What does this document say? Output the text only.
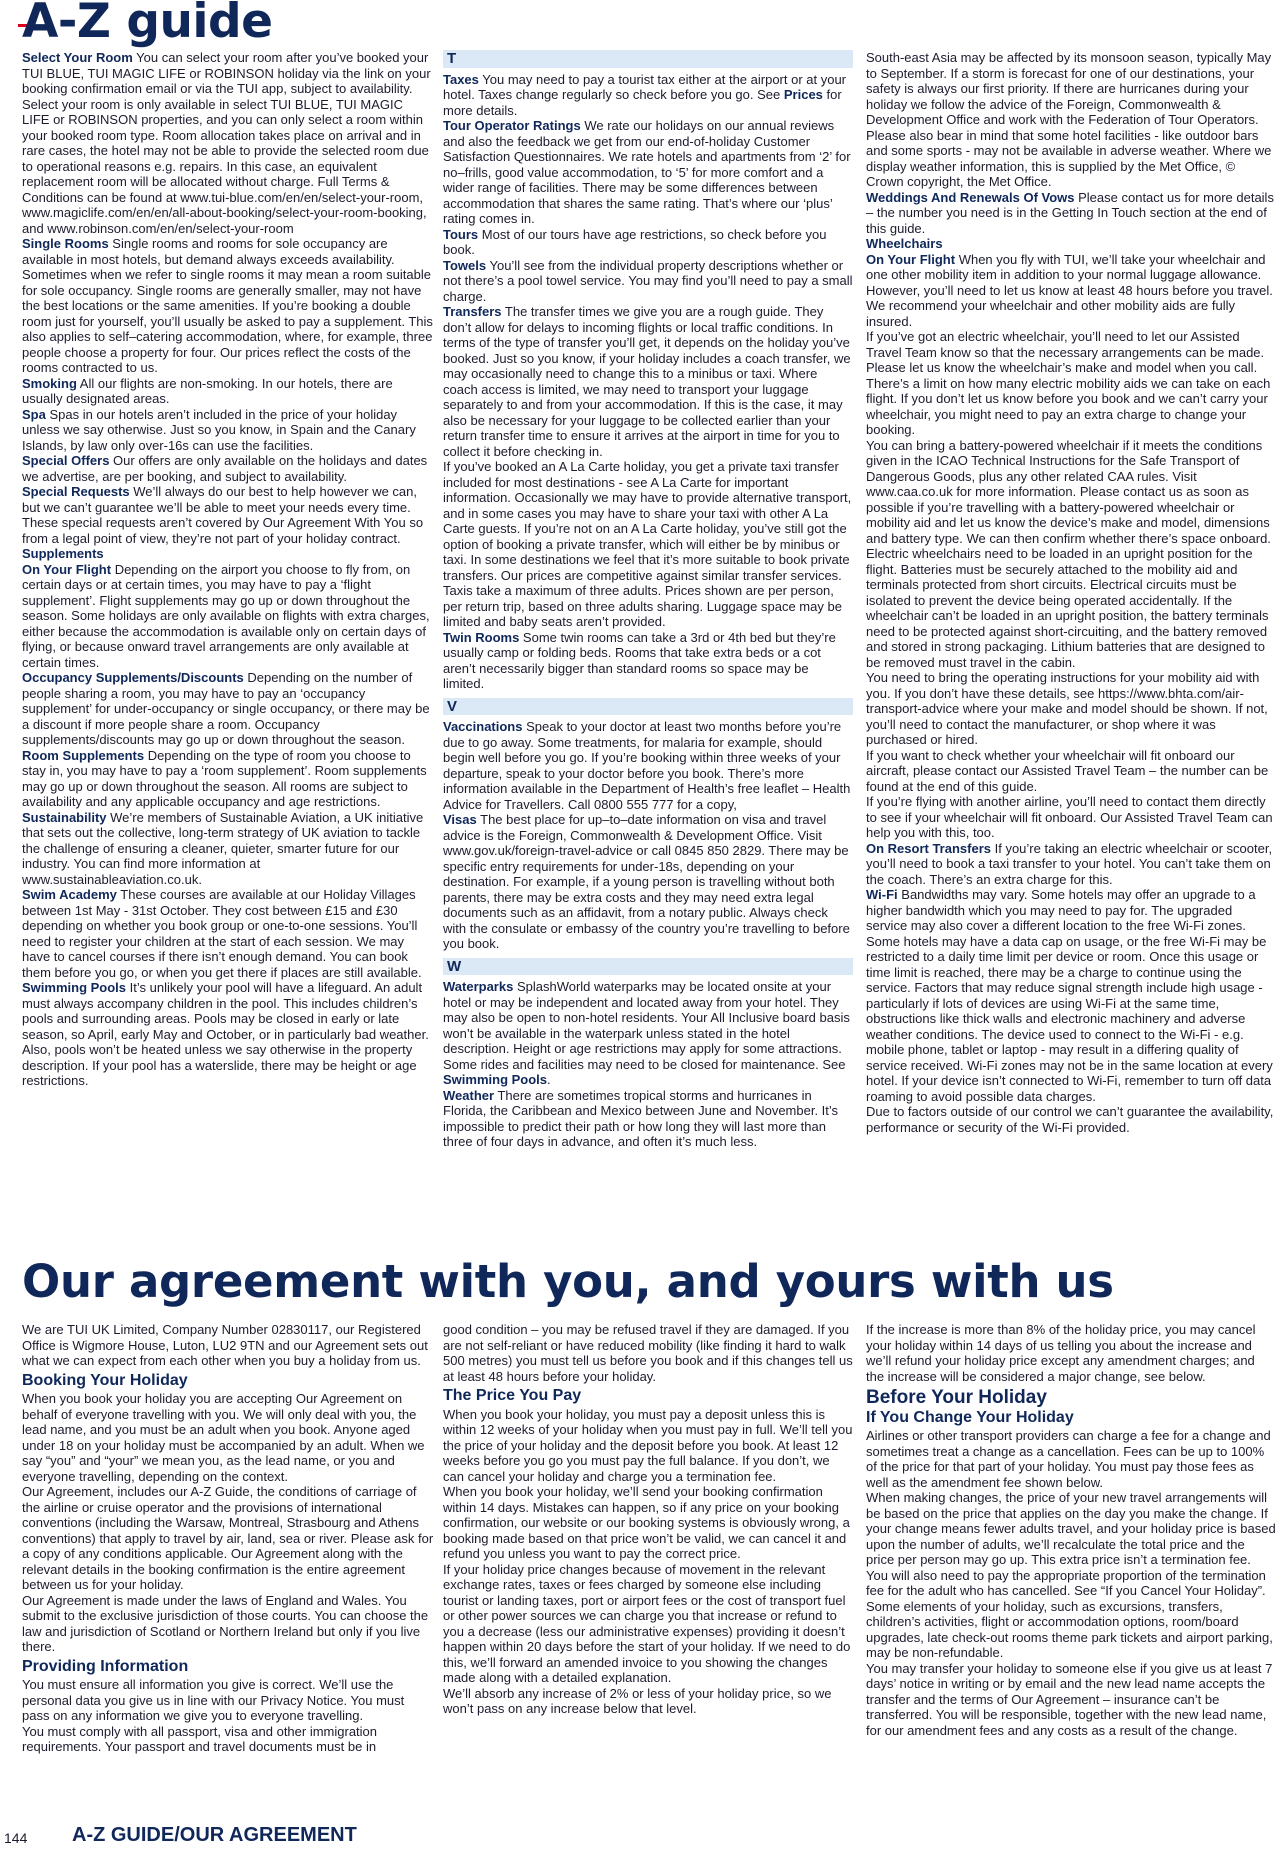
A-Z guide

Select Your Room You can select your room after you’ve booked your TUI BLUE, TUI MAGIC LIFE or ROBINSON holiday via the link on your booking confirmation email or via the TUI app, subject to availability. Select your room is only available in select TUI BLUE, TUI MAGIC LIFE or ROBINSON properties, and you can only select a room within your booked room type. Room allocation takes place on arrival and in rare cases, the hotel may not be able to provide the selected room due to operational reasons e.g. repairs. In this case, an equivalent replacement room will be allocated without charge. Full Terms & Conditions can be found at www.tui-blue.com/en/en/select-your-room, www.magiclife.com/en/en/all-about-booking/select-your-room-booking, and www.robinson.com/en/en/select-your-room

Single Rooms Single rooms and rooms for sole occupancy are available in most hotels, but demand always exceeds availability. Sometimes when we refer to single rooms it may mean a room suitable for sole occupancy. Single rooms are generally smaller, may not have the best locations or the same amenities. If you’re booking a double room just for yourself, you’ll usually be asked to pay a supplement. This also applies to self–catering accommodation, where, for example, three people choose a property for four. Our prices reflect the costs of the rooms contracted to us.

Smoking All our flights are non-smoking. In our hotels, there are usually designated areas.

Spa Spas in our hotels aren’t included in the price of your holiday unless we say otherwise. Just so you know, in Spain and the Canary Islands, by law only over-16s can use the facilities.

Special Offers Our offers are only available on the holidays and dates we advertise, are per booking, and subject to availability.

Special Requests We’ll always do our best to help however we can, but we can’t guarantee we’ll be able to meet your needs every time. These special requests aren’t covered by Our Agreement With You so from a legal point of view, they’re not part of your holiday contract.

Supplements

On Your Flight Depending on the airport you choose to fly from, on certain days or at certain times, you may have to pay a ‘flight supplement’. Flight supplements may go up or down throughout the season. Some holidays are only available on flights with extra charges, either because the accommodation is available only on certain days of flying, or because onward travel arrangements are only available at certain times.

Occupancy Supplements/Discounts Depending on the number of people sharing a room, you may have to pay an ‘occupancy supplement’ for under-occupancy or single occupancy, or there may be a discount if more people share a room. Occupancy supplements/discounts may go up or down throughout the season.

Room Supplements Depending on the type of room you choose to stay in, you may have to pay a ‘room supplement’. Room supplements may go up or down throughout the season. All rooms are subject to availability and any applicable occupancy and age restrictions.

Sustainability We’re members of Sustainable Aviation, a UK initiative that sets out the collective, long-term strategy of UK aviation to tackle the challenge of ensuring a cleaner, quieter, smarter future for our industry. You can find more information at www.sustainableaviation.co.uk.

Swim Academy These courses are available at our Holiday Villages between 1st May - 31st October. They cost between £15 and £30 depending on whether you book group or one-to-one sessions. You’ll need to register your children at the start of each session. We may have to cancel courses if there isn’t enough demand. You can book them before you go, or when you get there if places are still available.

Swimming Pools It’s unlikely your pool will have a lifeguard. An adult must always accompany children in the pool. This includes children’s pools and surrounding areas. Pools may be closed in early or late season, so April, early May and October, or in particularly bad weather. Also, pools won’t be heated unless we say otherwise in the property description. If your pool has a waterslide, there may be height or age restrictions.

T

Taxes You may need to pay a tourist tax either at the airport or at your hotel. Taxes change regularly so check before you go. See Prices for more details.

Tour Operator Ratings We rate our holidays on our annual reviews and also the feedback we get from our end-of-holiday Customer Satisfaction Questionnaires. We rate hotels and apartments from ‘2’ for no–frills, good value accommodation, to ‘5’ for more comfort and a wider range of facilities. There may be some differences between accommodation that shares the same rating. That’s where our ‘plus’ rating comes in.

Tours Most of our tours have age restrictions, so check before you book.

Towels You’ll see from the individual property descriptions whether or not there’s a pool towel service. You may find you’ll need to pay a small charge.

Transfers The transfer times we give you are a rough guide. They don’t allow for delays to incoming flights or local traffic conditions. In terms of the type of transfer you’ll get, it depends on the holiday you’ve booked. Just so you know, if your holiday includes a coach transfer, we may occasionally need to change this to a minibus or taxi. Where coach access is limited, we may need to transport your luggage separately to and from your accommodation. If this is the case, it may also be necessary for your luggage to be collected earlier than your return transfer time to ensure it arrives at the airport in time for you to collect it before checking in.

If you’ve booked an A La Carte holiday, you get a private taxi transfer included for most destinations - see A La Carte for important information. Occasionally we may have to provide alternative transport, and in some cases you may have to share your taxi with other A La Carte guests. If you’re not on an A La Carte holiday, you’ve still got the option of booking a private transfer, which will either be by minibus or taxi. In some destinations we feel that it’s more suitable to book private transfers. Our prices are competitive against similar transfer services. Taxis take a maximum of three adults. Prices shown are per person, per return trip, based on three adults sharing. Luggage space may be limited and baby seats aren’t provided.

Twin Rooms Some twin rooms can take a 3rd or 4th bed but they’re usually camp or folding beds. Rooms that take extra beds or a cot aren’t necessarily bigger than standard rooms so space may be limited.

V

Vaccinations Speak to your doctor at least two months before you’re due to go away. Some treatments, for malaria for example, should begin well before you go. If you’re booking within three weeks of your departure, speak to your doctor before you book. There’s more information available in the Department of Health’s free leaflet – Health Advice for Travellers. Call 0800 555 777 for a copy,

Visas The best place for up–to–date information on visa and travel advice is the Foreign, Commonwealth & Development Office. Visit www.gov.uk/foreign-travel-advice or call 0845 850 2829. There may be specific entry requirements for under-18s, depending on your destination. For example, if a young person is travelling without both parents, there may be extra costs and they may need extra legal documents such as an affidavit, from a notary public. Always check with the consulate or embassy of the country you’re travelling to before you book.

W

Waterparks SplashWorld waterparks may be located onsite at your hotel or may be independent and located away from your hotel. They may also be open to non-hotel residents. Your All Inclusive board basis won’t be available in the waterpark unless stated in the hotel description. Height or age restrictions may apply for some attractions. Some rides and facilities may need to be closed for maintenance. See Swimming Pools.

Weather There are sometimes tropical storms and hurricanes in Florida, the Caribbean and Mexico between June and November. It’s impossible to predict their path or how long they will last more than three of four days in advance, and often it’s much less.

South-east Asia may be affected by its monsoon season, typically May to September. If a storm is forecast for one of our destinations, your safety is always our first priority. If there are hurricanes during your holiday we follow the advice of the Foreign, Commonwealth & Development Office and work with the Federation of Tour Operators.

Please also bear in mind that some hotel facilities - like outdoor bars and some sports - may not be available in adverse weather. Where we display weather information, this is supplied by the Met Office, © Crown copyright, the Met Office.

Weddings And Renewals Of Vows Please contact us for more details – the number you need is in the Getting In Touch section at the end of this guide.

Wheelchairs

On Your Flight When you fly with TUI, we’ll take your wheelchair and one other mobility item in addition to your normal luggage allowance. However, you’ll need to let us know at least 48 hours before you travel. We recommend your wheelchair and other mobility aids are fully insured.

If you’ve got an electric wheelchair, you’ll need to let our Assisted Travel Team know so that the necessary arrangements can be made. Please let us know the wheelchair’s make and model when you call. There’s a limit on how many electric mobility aids we can take on each flight. If you don’t let us know before you book and we can’t carry your wheelchair, you might need to pay an extra charge to change your booking.

You can bring a battery-powered wheelchair if it meets the conditions given in the ICAO Technical Instructions for the Safe Transport of Dangerous Goods, plus any other related CAA rules. Visit www.caa.co.uk for more information. Please contact us as soon as possible if you’re travelling with a battery-powered wheelchair or mobility aid and let us know the device’s make and model, dimensions and battery type. We can then confirm whether there’s space onboard.

Electric wheelchairs need to be loaded in an upright position for the flight. Batteries must be securely attached to the mobility aid and terminals protected from short circuits. Electrical circuits must be isolated to prevent the device being operated accidentally. If the wheelchair can’t be loaded in an upright position, the battery terminals need to be protected against short-circuiting, and the battery removed and stored in strong packaging. Lithium batteries that are designed to be removed must travel in the cabin.

You need to bring the operating instructions for your mobility aid with you. If you don’t have these details, see https://www.bhta.com/air-transport-advice where your make and model should be shown. If not, you’ll need to contact the manufacturer, or shop where it was purchased or hired.

If you want to check whether your wheelchair will fit onboard our aircraft, please contact our Assisted Travel Team – the number can be found at the end of this guide.

If you’re flying with another airline, you’ll need to contact them directly to see if your wheelchair will fit onboard. Our Assisted Travel Team can help you with this, too.

On Resort Transfers If you’re taking an electric wheelchair or scooter, you’ll need to book a taxi transfer to your hotel. You can’t take them on the coach. There’s an extra charge for this.

Wi-Fi Bandwidths may vary. Some hotels may offer an upgrade to a higher bandwidth which you may need to pay for. The upgraded service may also cover a different location to the free Wi-Fi zones. Some hotels may have a data cap on usage, or the free Wi-Fi may be restricted to a daily time limit per device or room. Once this usage or time limit is reached, there may be a charge to continue using the service. Factors that may reduce signal strength include high usage - particularly if lots of devices are using Wi-Fi at the same time, obstructions like thick walls and electronic machinery and adverse weather conditions. The device used to connect to the Wi-Fi - e.g. mobile phone, tablet or laptop - may result in a differing quality of service received. Wi-Fi zones may not be in the same location at every hotel. If your device isn’t connected to Wi-Fi, remember to turn off data roaming to avoid possible data charges.

Due to factors outside of our control we can’t guarantee the availability, performance or security of the Wi-Fi provided.

Our agreement with you, and yours with us

We are TUI UK Limited, Company Number 02830117, our Registered Office is Wigmore House, Luton, LU2 9TN and our Agreement sets out what we can expect from each other when you buy a holiday from us.

Booking Your Holiday

When you book your holiday you are accepting Our Agreement on behalf of everyone travelling with you. We will only deal with you, the lead name, and you must be an adult when you book. Anyone aged under 18 on your holiday must be accompanied by an adult. When we say “you” and “your” we mean you, as the lead name, or you and everyone travelling, depending on the context.

Our Agreement, includes our A-Z Guide, the conditions of carriage of the airline or cruise operator and the provisions of international conventions (including the Warsaw, Montreal, Strasbourg and Athens conventions) that apply to travel by air, land, sea or river. Please ask for a copy of any conditions applicable. Our Agreement along with the relevant details in the booking confirmation is the entire agreement between us for your holiday.

Our Agreement is made under the laws of England and Wales. You submit to the exclusive jurisdiction of those courts. You can choose the law and jurisdiction of Scotland or Northern Ireland but only if you live there.

Providing Information

You must ensure all information you give is correct. We’ll use the personal data you give us in line with our Privacy Notice. You must pass on any information we give you to everyone travelling.

You must comply with all passport, visa and other immigration requirements. Your passport and travel documents must be in

good condition – you may be refused travel if they are damaged. If you are not self-reliant or have reduced mobility (like finding it hard to walk 500 metres) you must tell us before you book and if this changes tell us at least 48 hours before your holiday.

The Price You Pay

When you book your holiday, you must pay a deposit unless this is within 12 weeks of your holiday when you must pay in full. We’ll tell you the price of your holiday and the deposit before you book. At least 12 weeks before you go you must pay the full balance. If you don’t, we can cancel your holiday and charge you a termination fee.

When you book your holiday, we’ll send your booking confirmation within 14 days. Mistakes can happen, so if any price on your booking confirmation, our website or our booking systems is obviously wrong, a booking made based on that price won’t be valid, we can cancel it and refund you unless you want to pay the correct price.

If your holiday price changes because of movement in the relevant exchange rates, taxes or fees charged by someone else including tourist or landing taxes, port or airport fees or the cost of transport fuel or other power sources we can charge you that increase or refund to you a decrease (less our administrative expenses) providing it doesn’t happen within 20 days before the start of your holiday. If we need to do this, we’ll forward an amended invoice to you showing the changes made along with a detailed explanation.

We’ll absorb any increase of 2% or less of your holiday price, so we won’t pass on any increase below that level.

If the increase is more than 8% of the holiday price, you may cancel your holiday within 14 days of us telling you about the increase and we’ll refund your holiday price except any amendment charges; and the increase will be considered a major change, see below.

Before Your Holiday
If You Change Your Holiday

Airlines or other transport providers can charge a fee for a change and sometimes treat a change as a cancellation. Fees can be up to 100% of the price for that part of your holiday. You must pay those fees as well as the amendment fee shown below.

When making changes, the price of your new travel arrangements will be based on the price that applies on the day you make the change. If your change means fewer adults travel, and your holiday price is based upon the number of adults, we’ll recalculate the total price and the price per person may go up. This extra price isn’t a termination fee. You will also need to pay the appropriate proportion of the termination fee for the adult who has cancelled. See “If you Cancel Your Holiday”.

Some elements of your holiday, such as excursions, transfers, children’s activities, flight or accommodation options, room/board upgrades, late check-out rooms theme park tickets and airport parking, may be non-refundable.

You may transfer your holiday to someone else if you give us at least 7 days’ notice in writing or by email and the new lead name accepts the transfer and the terms of Our Agreement – insurance can’t be transferred. You will be responsible, together with the new lead name, for our amendment fees and any costs as a result of the change.

144 A-Z GUIDE/OUR AGREEMENT
